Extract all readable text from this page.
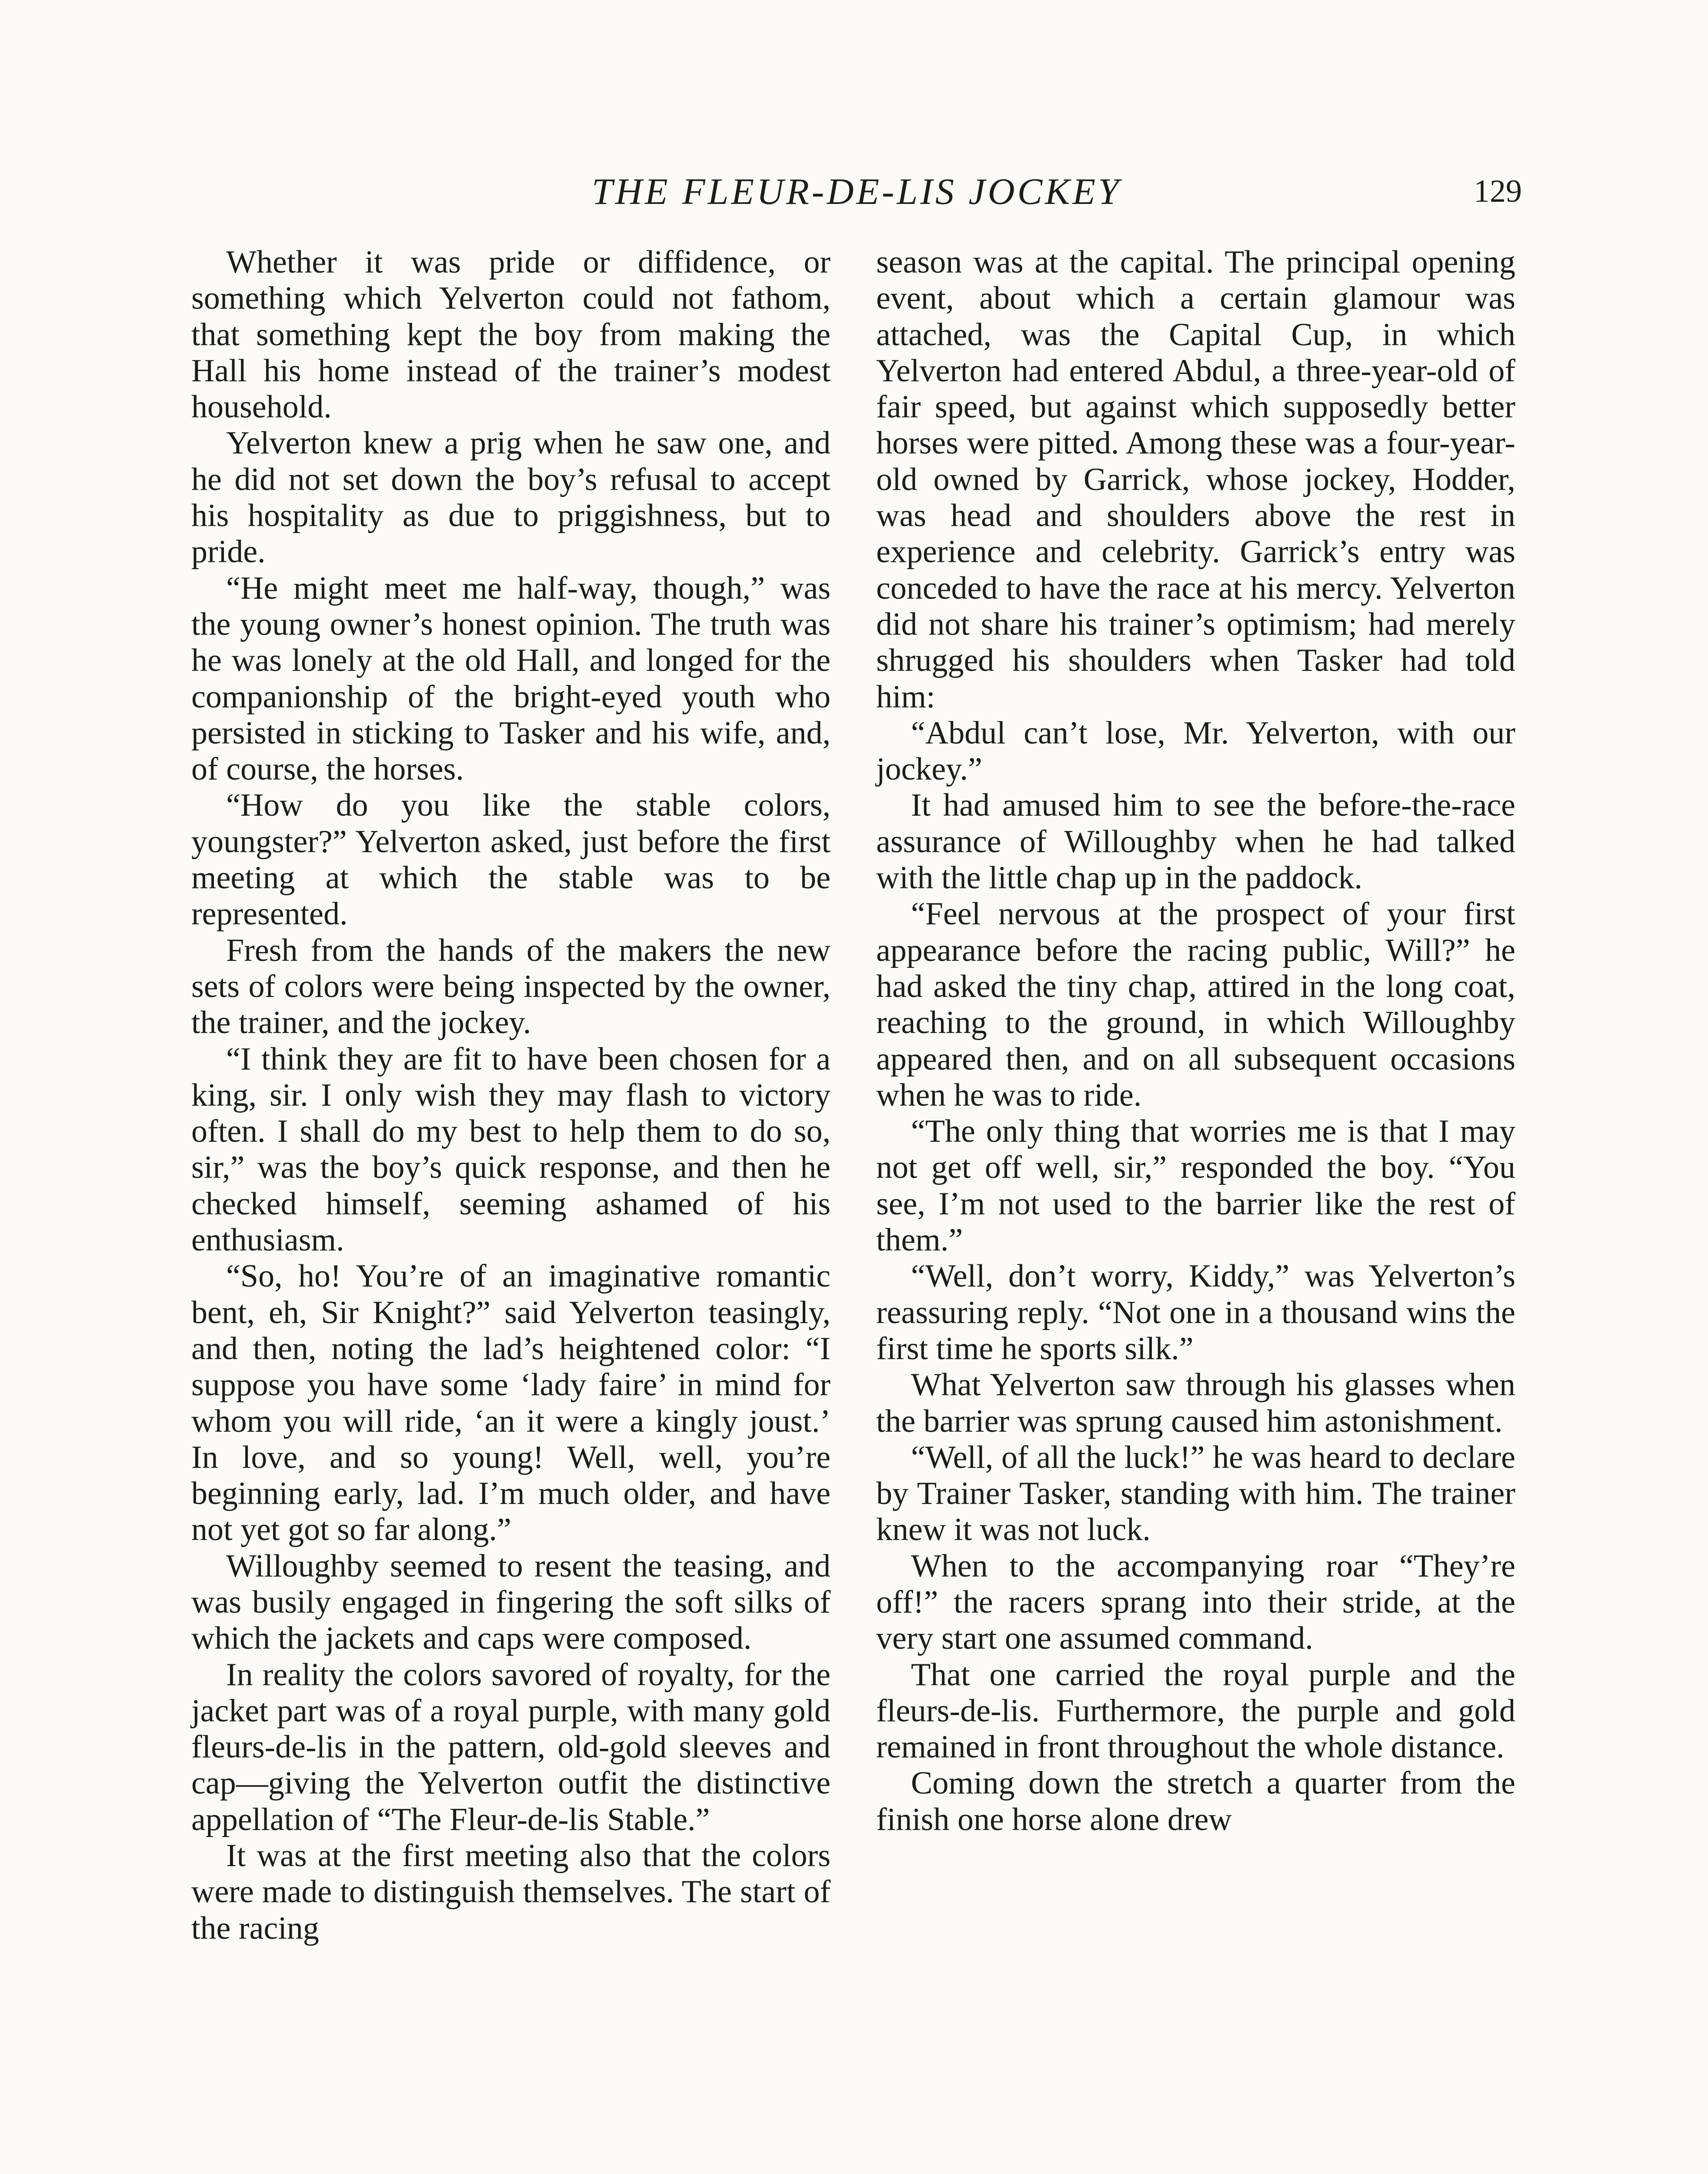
THE FLEUR-DE-LIS JOCKEY	129

Whether it was pride or diffidence, or something which Yelverton could not fathom, that something kept the boy from making the Hall his home instead of the trainer’s modest household.

Yelverton knew a prig when he saw one, and he did not set down the boy’s refusal to accept his hospitality as due to priggishness, but to pride.

“He might meet me half-way, though,” was the young owner’s honest opinion. The truth was he was lonely at the old Hall, and longed for the companionship of the bright-eyed youth who persisted in sticking to Tasker and his wife, and, of course, the horses.

“How do you like the stable colors, youngster?” Yelverton asked, just before the first meeting at which the stable was to be represented.

Fresh from the hands of the makers the new sets of colors were being inspected by the owner, the trainer, and the jockey.

“I think they are fit to have been chosen for a king, sir. I only wish they may flash to victory often. I shall do my best to help them to do so, sir,” was the boy’s quick response, and then he checked himself, seeming ashamed of his enthusiasm.

“So, ho! You’re of an imaginative romantic bent, eh, Sir Knight?” said Yelverton teasingly, and then, noting the lad’s heightened color: “I suppose you have some ‘lady faire’ in mind for whom you will ride, ‘an it were a kingly joust.’ In love, and so young! Well, well, you’re beginning early, lad. I’m much older, and have not yet got so far along.”

Willoughby seemed to resent the teasing, and was busily engaged in fingering the soft silks of which the jackets and caps were composed.

In reality the colors savored of royalty, for the jacket part was of a royal purple, with many gold fleurs-de-lis in the pattern, old-gold sleeves and cap—giving the Yelverton outfit the distinctive appellation of “The Fleur-de-lis Stable.”

It was at the first meeting also that the colors were made to distinguish themselves. The start of the racing

season was at the capital. The principal opening event, about which a certain glamour was attached, was the Capital Cup, in which Yelverton had entered Abdul, a three-year-old of fair speed, but against which supposedly better horses were pitted. Among these was a four-year-old owned by Garrick, whose jockey, Hodder, was head and shoulders above the rest in experience and celebrity. Garrick’s entry was conceded to have the race at his mercy. Yelverton did not share his trainer’s optimism; had merely shrugged his shoulders when Tasker had told him:

“Abdul can’t lose, Mr. Yelverton, with our jockey.”

It had amused him to see the before-the-race assurance of Willoughby when he had talked with the little chap up in the paddock.

“Feel nervous at the prospect of your first appearance before the racing public, Will?” he had asked the tiny chap, attired in the long coat, reaching to the ground, in which Willoughby appeared then, and on all subsequent occasions when he was to ride.

“The only thing that worries me is that I may not get off well, sir,” responded the boy. “You see, I’m not used to the barrier like the rest of them.”

“Well, don’t worry, Kiddy,” was Yelverton’s reassuring reply. “Not one in a thousand wins the first time he sports silk.”

What Yelverton saw through his glasses when the barrier was sprung caused him astonishment.

“Well, of all the luck!” he was heard to declare by Trainer Tasker, standing with him. The trainer knew it was not luck.

When to the accompanying roar “They’re off!” the racers sprang into their stride, at the very start one assumed command.

That one carried the royal purple and the fleurs-de-lis. Furthermore, the purple and gold remained in front throughout the whole distance.

Coming down the stretch a quarter from the finish one horse alone drew
